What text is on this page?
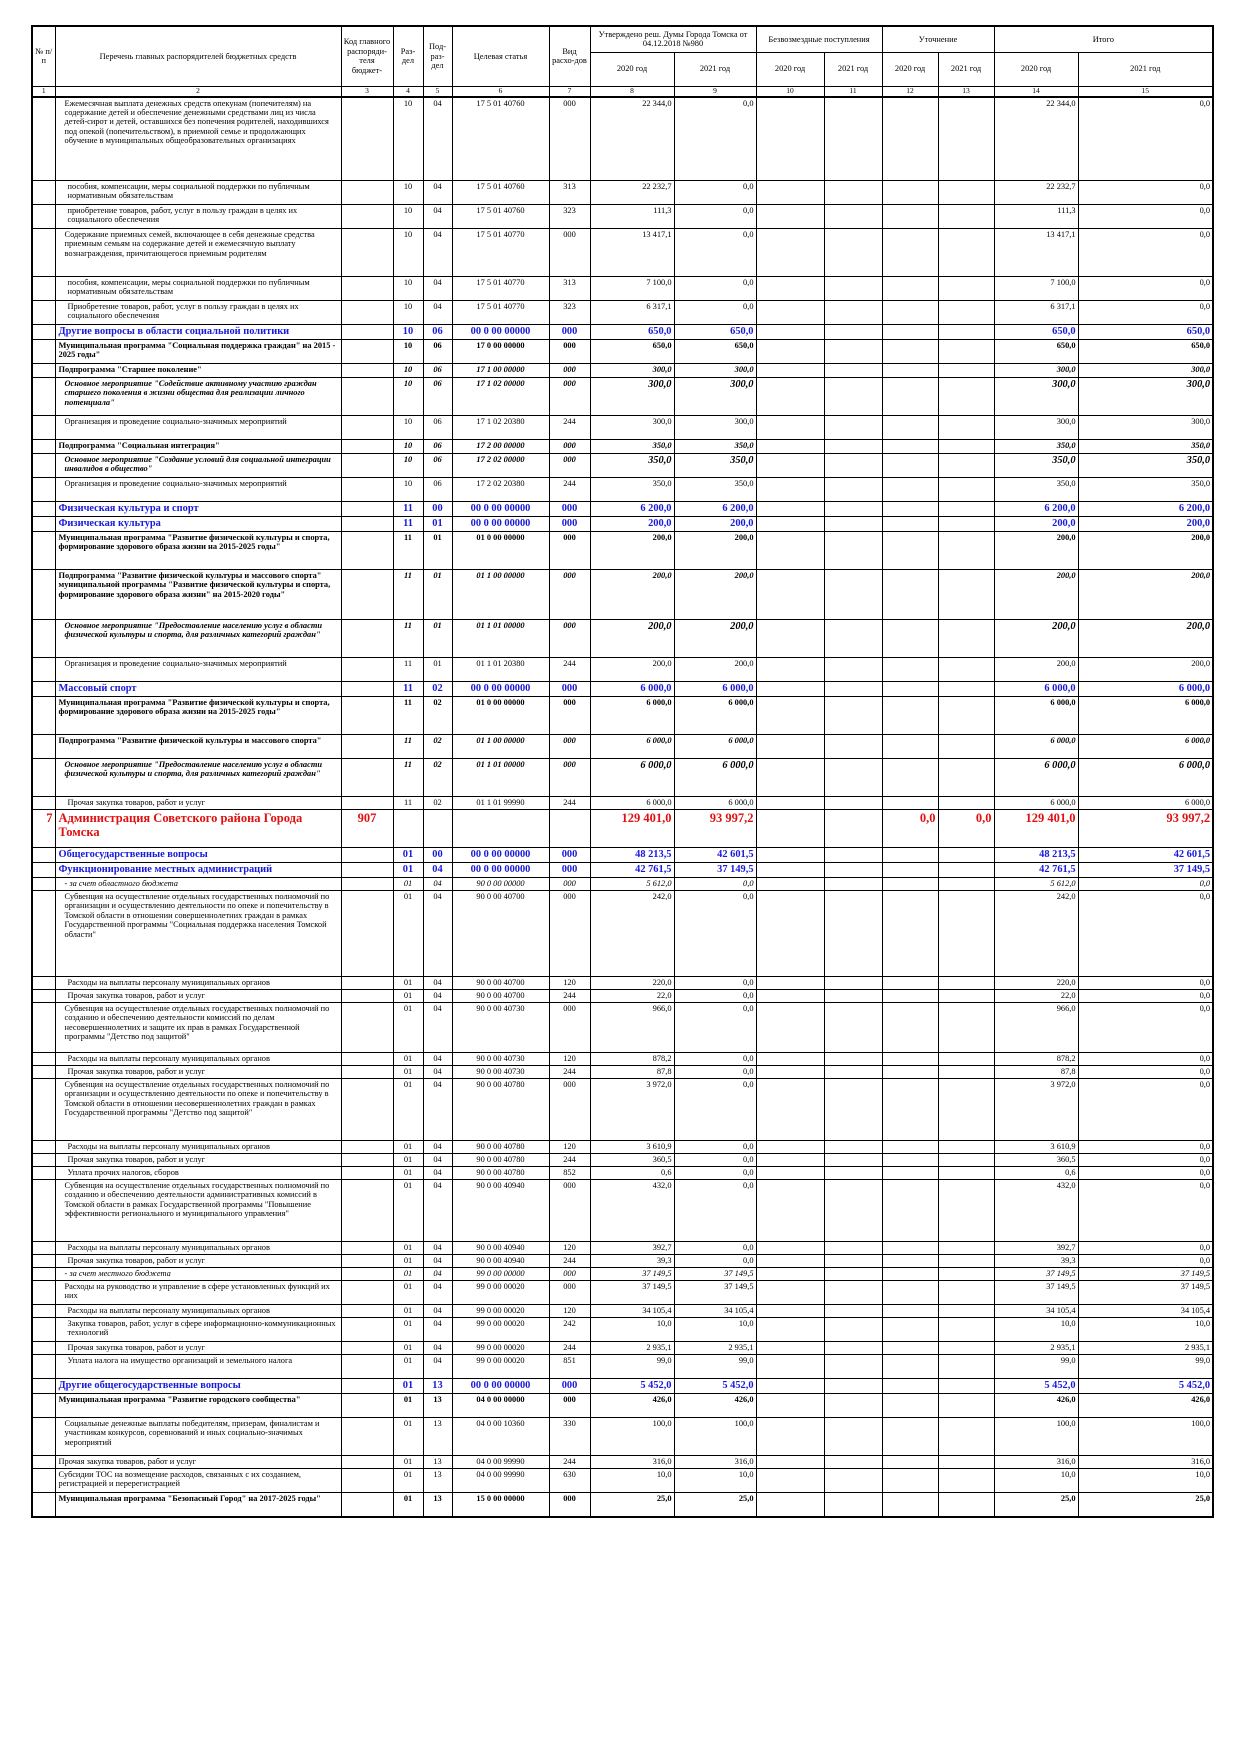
№ п/п	Перечень главных распорядителей бюджетных средств	Код главного распоряди-теля бюджет-	Раз-дел	Под-раз-дел	Целевая статья	Вид расхо-дов	Утверждено реш. Думы Города Томска от 04.12.2018 №980		Безвозмездные поступления		Уточнение		Итого	
							2020 год	2021 год	2020 год	2021 год	2020 год	2021 год	2020 год	2021 год
1	2	3	4	5	6	7	8	9	10	11	12	13	14	15
	Ежемесячная выплата денежных средств опекунам (попечителям) на содержание детей и обеспечение денежными средствами лиц из числа детей-сирот и детей, оставшихся без попечения родителей, находившихся под опекой (попечительством), в приемной семье и продолжающих обучение в муниципальных общеобразовательных организациях		10	04	17 5 01 40760	000	22 344,0	0,0					22 344,0	0,0
	пособия, компенсации, меры социальной поддержки по публичным нормативным обязательствам		10	04	17 5 01 40760	313	22 232,7	0,0					22 232,7	0,0
	приобретение товаров, работ, услуг в пользу граждан в целях их социального обеспечения		10	04	17 5 01 40760	323	111,3	0,0					111,3	0,0
	Содержание приемных семей, включающее в себя денежные средства приемным семьям на содержание детей и ежемесячную выплату вознаграждения, причитающегося приемным родителям		10	04	17 5 01 40770	000	13 417,1	0,0					13 417,1	0,0
	пособия, компенсации, меры социальной поддержки по публичным нормативным обязательствам		10	04	17 5 01 40770	313	7 100,0	0,0					7 100,0	0,0
	Приобретение товаров, работ, услуг в пользу граждан в целях их социального обеспечения		10	04	17 5 01 40770	323	6 317,1	0,0					6 317,1	0,0
	Другие вопросы в области социальной политики		10	06	00 0 00 00000	000	650,0	650,0					650,0	650,0
	Муниципальная программа "Социальная поддержка граждан" на 2015 - 2025 годы"		10	06	17 0 00 00000	000	650,0	650,0					650,0	650,0
	Подпрограмма "Старшее поколение"		10	06	17 1 00 00000	000	300,0	300,0					300,0	300,0
	Основное мероприятие "Содействие активному участию граждан старшего поколения в жизни общества для реализации личного потенциала"		10	06	17 1 02 00000	000	300,0	300,0					300,0	300,0
	Организация и проведение социально-значимых мероприятий		10	06	17 1 02 20380	244	300,0	300,0					300,0	300,0
	Подпрограмма "Социальная интеграция"		10	06	17 2 00 00000	000	350,0	350,0					350,0	350,0
	Основное мероприятие "Создание условий для социальной интеграции инвалидов в общество"		10	06	17 2 02 00000	000	350,0	350,0					350,0	350,0
	Организация и проведение социально-значимых мероприятий		10	06	17 2 02 20380	244	350,0	350,0					350,0	350,0
	Физическая культура и спорт		11	00	00 0 00 00000	000	6 200,0	6 200,0					6 200,0	6 200,0
	Физическая культура		11	01	00 0 00 00000	000	200,0	200,0					200,0	200,0
	Муниципальная программа "Развитие физической культуры и спорта, формирование здорового образа жизни на 2015-2025 годы"		11	01	01 0 00 00000	000	200,0	200,0					200,0	200,0
	Подпрограмма "Развитие физической культуры и массового спорта" муниципальной программы "Развитие физической культуры и спорта, формирование здорового образа жизни" на 2015-2020 годы"		11	01	01 1 00 00000	000	200,0	200,0					200,0	200,0
	Основное мероприятие "Предоставление населению услуг в области физической культуры и спорта, для различных категорий граждан"		11	01	01 1 01 00000	000	200,0	200,0					200,0	200,0
	Организация и проведение социально-значимых мероприятий		11	01	01 1 01 20380	244	200,0	200,0					200,0	200,0
	Массовый спорт		11	02	00 0 00 00000	000	6 000,0	6 000,0					6 000,0	6 000,0
	Муниципальная программа "Развитие физической культуры и спорта, формирование здорового образа жизни на 2015-2025 годы"		11	02	01 0 00 00000	000	6 000,0	6 000,0					6 000,0	6 000,0
	Подпрограмма "Развитие физической культуры и массового спорта"		11	02	01 1 00 00000	000	6 000,0	6 000,0					6 000,0	6 000,0
	Основное мероприятие "Предоставление населению услуг в области физической культуры и спорта, для различных категорий граждан"		11	02	01 1 01 00000	000	6 000,0	6 000,0					6 000,0	6 000,0
	Прочая закупка товаров, работ и услуг		11	02	01 1 01 99990	244	6 000,0	6 000,0					6 000,0	6 000,0
7	Администрация Советского района Города Томска	907					129 401,0	93 997,2			0,0	0,0	129 401,0	93 997,2
	Общегосударственные вопросы		01	00	00 0 00 00000	000	48 213,5	42 601,5					48 213,5	42 601,5
	Функционирование местных администраций		01	04	00 0 00 00000	000	42 761,5	37 149,5					42 761,5	37 149,5
	- за счет областного бюджета		01	04	90 0 00 00000	000	5 612,0	0,0					5 612,0	0,0
	Субвенция на осуществление отдельных государственных полномочий по организации и осуществлению деятельности по опеке и попечительству в Томской области в отношении совершеннолетних граждан в рамках Государственной программы "Социальная поддержка населения Томской области"		01	04	90 0 00 40700	000	242,0	0,0					242,0	0,0
	Расходы на выплаты персоналу муниципальных органов		01	04	90 0 00 40700	120	220,0	0,0					220,0	0,0
	Прочая закупка товаров, работ и услуг		01	04	90 0 00 40700	244	22,0	0,0					22,0	0,0
	Субвенция на осуществление отдельных государственных полномочий по созданию и обеспечению деятельности комиссий по делам несовершеннолетних и защите их прав в рамках Государственной программы "Детство под защитой"		01	04	90 0 00 40730	000	966,0	0,0					966,0	0,0
	Расходы на выплаты персоналу муниципальных органов		01	04	90 0 00 40730	120	878,2	0,0					878,2	0,0
	Прочая закупка товаров, работ и услуг		01	04	90 0 00 40730	244	87,8	0,0					87,8	0,0
	Субвенция на осуществление отдельных государственных полномочий по организации и осуществлению деятельности по опеке и попечительству в Томской области в отношении несовершеннолетних граждан в рамках Государственной программы "Детство под защитой"		01	04	90 0 00 40780	000	3 972,0	0,0					3 972,0	0,0
	Расходы на выплаты персоналу муниципальных органов		01	04	90 0 00 40780	120	3 610,9	0,0					3 610,9	0,0
	Прочая закупка товаров, работ и услуг		01	04	90 0 00 40780	244	360,5	0,0					360,5	0,0
	Уплата прочих налогов, сборов		01	04	90 0 00 40780	852	0,6	0,0					0,6	0,0
	Субвенция на осуществление отдельных государственных полномочий по созданию и обеспечению деятельности административных комиссий в Томской области в рамках Государственной программы "Повышение эффективности регионального и муниципального управления"		01	04	90 0 00 40940	000	432,0	0,0					432,0	0,0
	Расходы на выплаты персоналу муниципальных органов		01	04	90 0 00 40940	120	392,7	0,0					392,7	0,0
	Прочая закупка товаров, работ и услуг		01	04	90 0 00 40940	244	39,3	0,0					39,3	0,0
	- за счет местного бюджета		01	04	99 0 00 00000	000	37 149,5	37 149,5					37 149,5	37 149,5
	Расходы на руководство и управление в сфере установленных функций их них		01	04	99 0 00 00020	000	37 149,5	37 149,5					37 149,5	37 149,5
	Расходы на выплаты персоналу муниципальных органов		01	04	99 0 00 00020	120	34 105,4	34 105,4					34 105,4	34 105,4
	Закупка товаров, работ, услуг в сфере информационно-коммуникационных технологий		01	04	99 0 00 00020	242	10,0	10,0					10,0	10,0
	Прочая закупка товаров, работ и услуг		01	04	99 0 00 00020	244	2 935,1	2 935,1					2 935,1	2 935,1
	Уплата налога на имущество организаций и земельного налога		01	04	99 0 00 00020	851	99,0	99,0					99,0	99,0
	Другие общегосударственные вопросы		01	13	00 0 00 00000	000	5 452,0	5 452,0					5 452,0	5 452,0
	Муниципальная программа "Развитие городского сообщества"		01	13	04 0 00 00000	000	426,0	426,0					426,0	426,0
	Социальные денежные выплаты победителям, призерам, финалистам и участникам конкурсов, соревнований и иных социально-значимых мероприятий		01	13	04 0 00 10360	330	100,0	100,0					100,0	100,0
	Прочая закупка товаров, работ и услуг		01	13	04 0 00 99990	244	316,0	316,0					316,0	316,0
	Субсидии ТОС на возмещение расходов, связанных с их созданием, регистрацией и перерегистрацией		01	13	04 0 00 99990	630	10,0	10,0					10,0	10,0
	Муниципальная программа "Безопасный Город" на 2017-2025 годы"		01	13	15 0 00 00000	000	25,0	25,0					25,0	25,0
